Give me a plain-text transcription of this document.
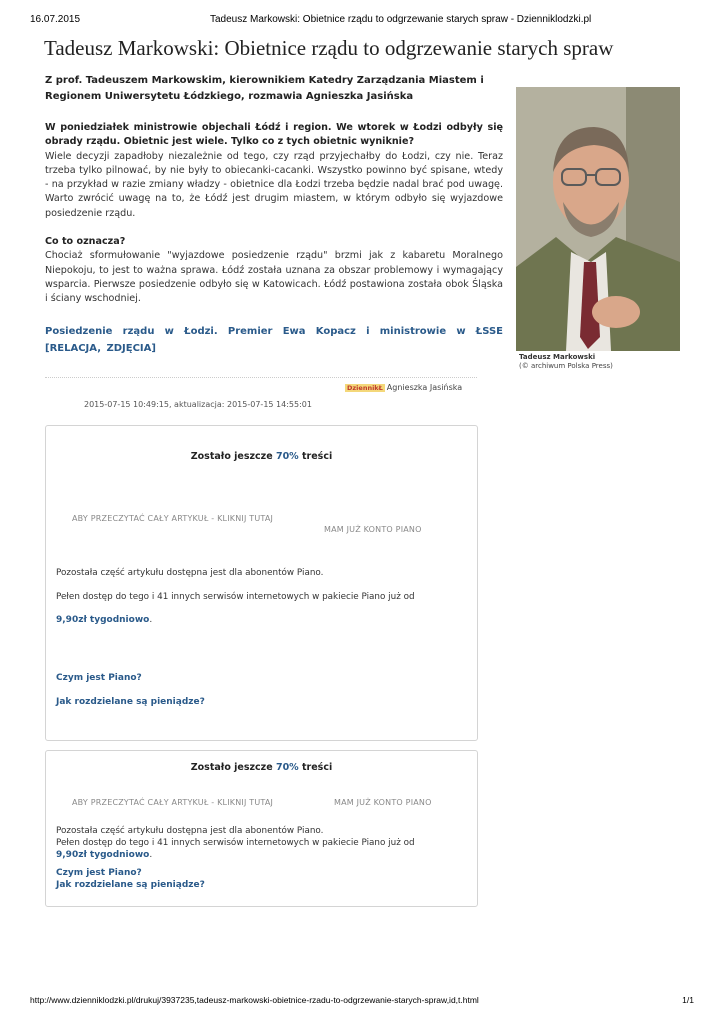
16.07.2015	Tadeusz Markowski: Obietnice rządu to odgrzewanie starych spraw - Dzienniklodzki.pl
Tadeusz Markowski: Obietnice rządu to odgrzewanie starych spraw
Z prof. Tadeuszem Markowskim, kierownikiem Katedry Zarządzania Miastem i Regionem Uniwersytetu Łódzkiego, rozmawia Agnieszka Jasińska

W poniedziałek ministrowie objechali Łódź i region. We wtorek w Łodzi odbyły się obrady rządu. Obietnic jest wiele. Tylko co z tych obietnic wyniknie?
Wiele decyzji zapadłoby niezależnie od tego, czy rząd przyjechałby do Łodzi, czy nie. Teraz trzeba tylko pilnować, by nie były to obiecanki-cacanki. Wszystko powinno być spisane, wtedy - na przykład w razie zmiany władzy - obietnice dla Łodzi trzeba będzie nadal brać pod uwagę. Warto zwrócić uwagę na to, że Łódź jest drugim miastem, w którym odbyło się wyjazdowe posiedzenie rządu.

Co to oznacza?
Chociaż sformułowanie "wyjazdowe posiedzenie rządu" brzmi jak z kabaretu Moralnego Niepokoju, to jest to ważna sprawa. Łódź została uznana za obszar problemowy i wymagający wsparcia. Pierwsze posiedzenie odbyło się w Katowicach. Łódź postawiona została obok Śląska i ściany wschodniej.

Posiedzenie rządu w Łodzi. Premier Ewa Kopacz i ministrowie w ŁSSE [RELACJA, ZDJĘCIA]
Tadeusz Markowski
(© archiwum Polska Press)
DziennikŁ Agnieszka Jasińska
2015-07-15 10:49:15, aktualizacja: 2015-07-15 14:55:01
Zostało jeszcze 70% treści
ABY PRZECZYTAĆ CAŁY ARTYKUŁ - KLIKNIJ TUTAJ
MAM JUŻ KONTO PIANO
Pozostała część artykułu dostępna jest dla abonentów Piano.
Pełen dostęp do tego i 41 innych serwisów internetowych w pakiecie Piano już od
9,90zł tygodniowo.
Czym jest Piano?
Jak rozdzielane są pieniądze?
Zostało jeszcze 70% treści
ABY PRZECZYTAĆ CAŁY ARTYKUŁ - KLIKNIJ TUTAJ	MAM JUŻ KONTO PIANO
Pozostała część artykułu dostępna jest dla abonentów Piano.
Pełen dostęp do tego i 41 innych serwisów internetowych w pakiecie Piano już od
9,90zł tygodniowo.
Czym jest Piano?
Jak rozdzielane są pieniądze?
http://www.dzienniklodzki.pl/drukuj/3937235,tadeusz-markowski-obietnice-rzadu-to-odgrzewanie-starych-spraw,id,t.html	1/1
